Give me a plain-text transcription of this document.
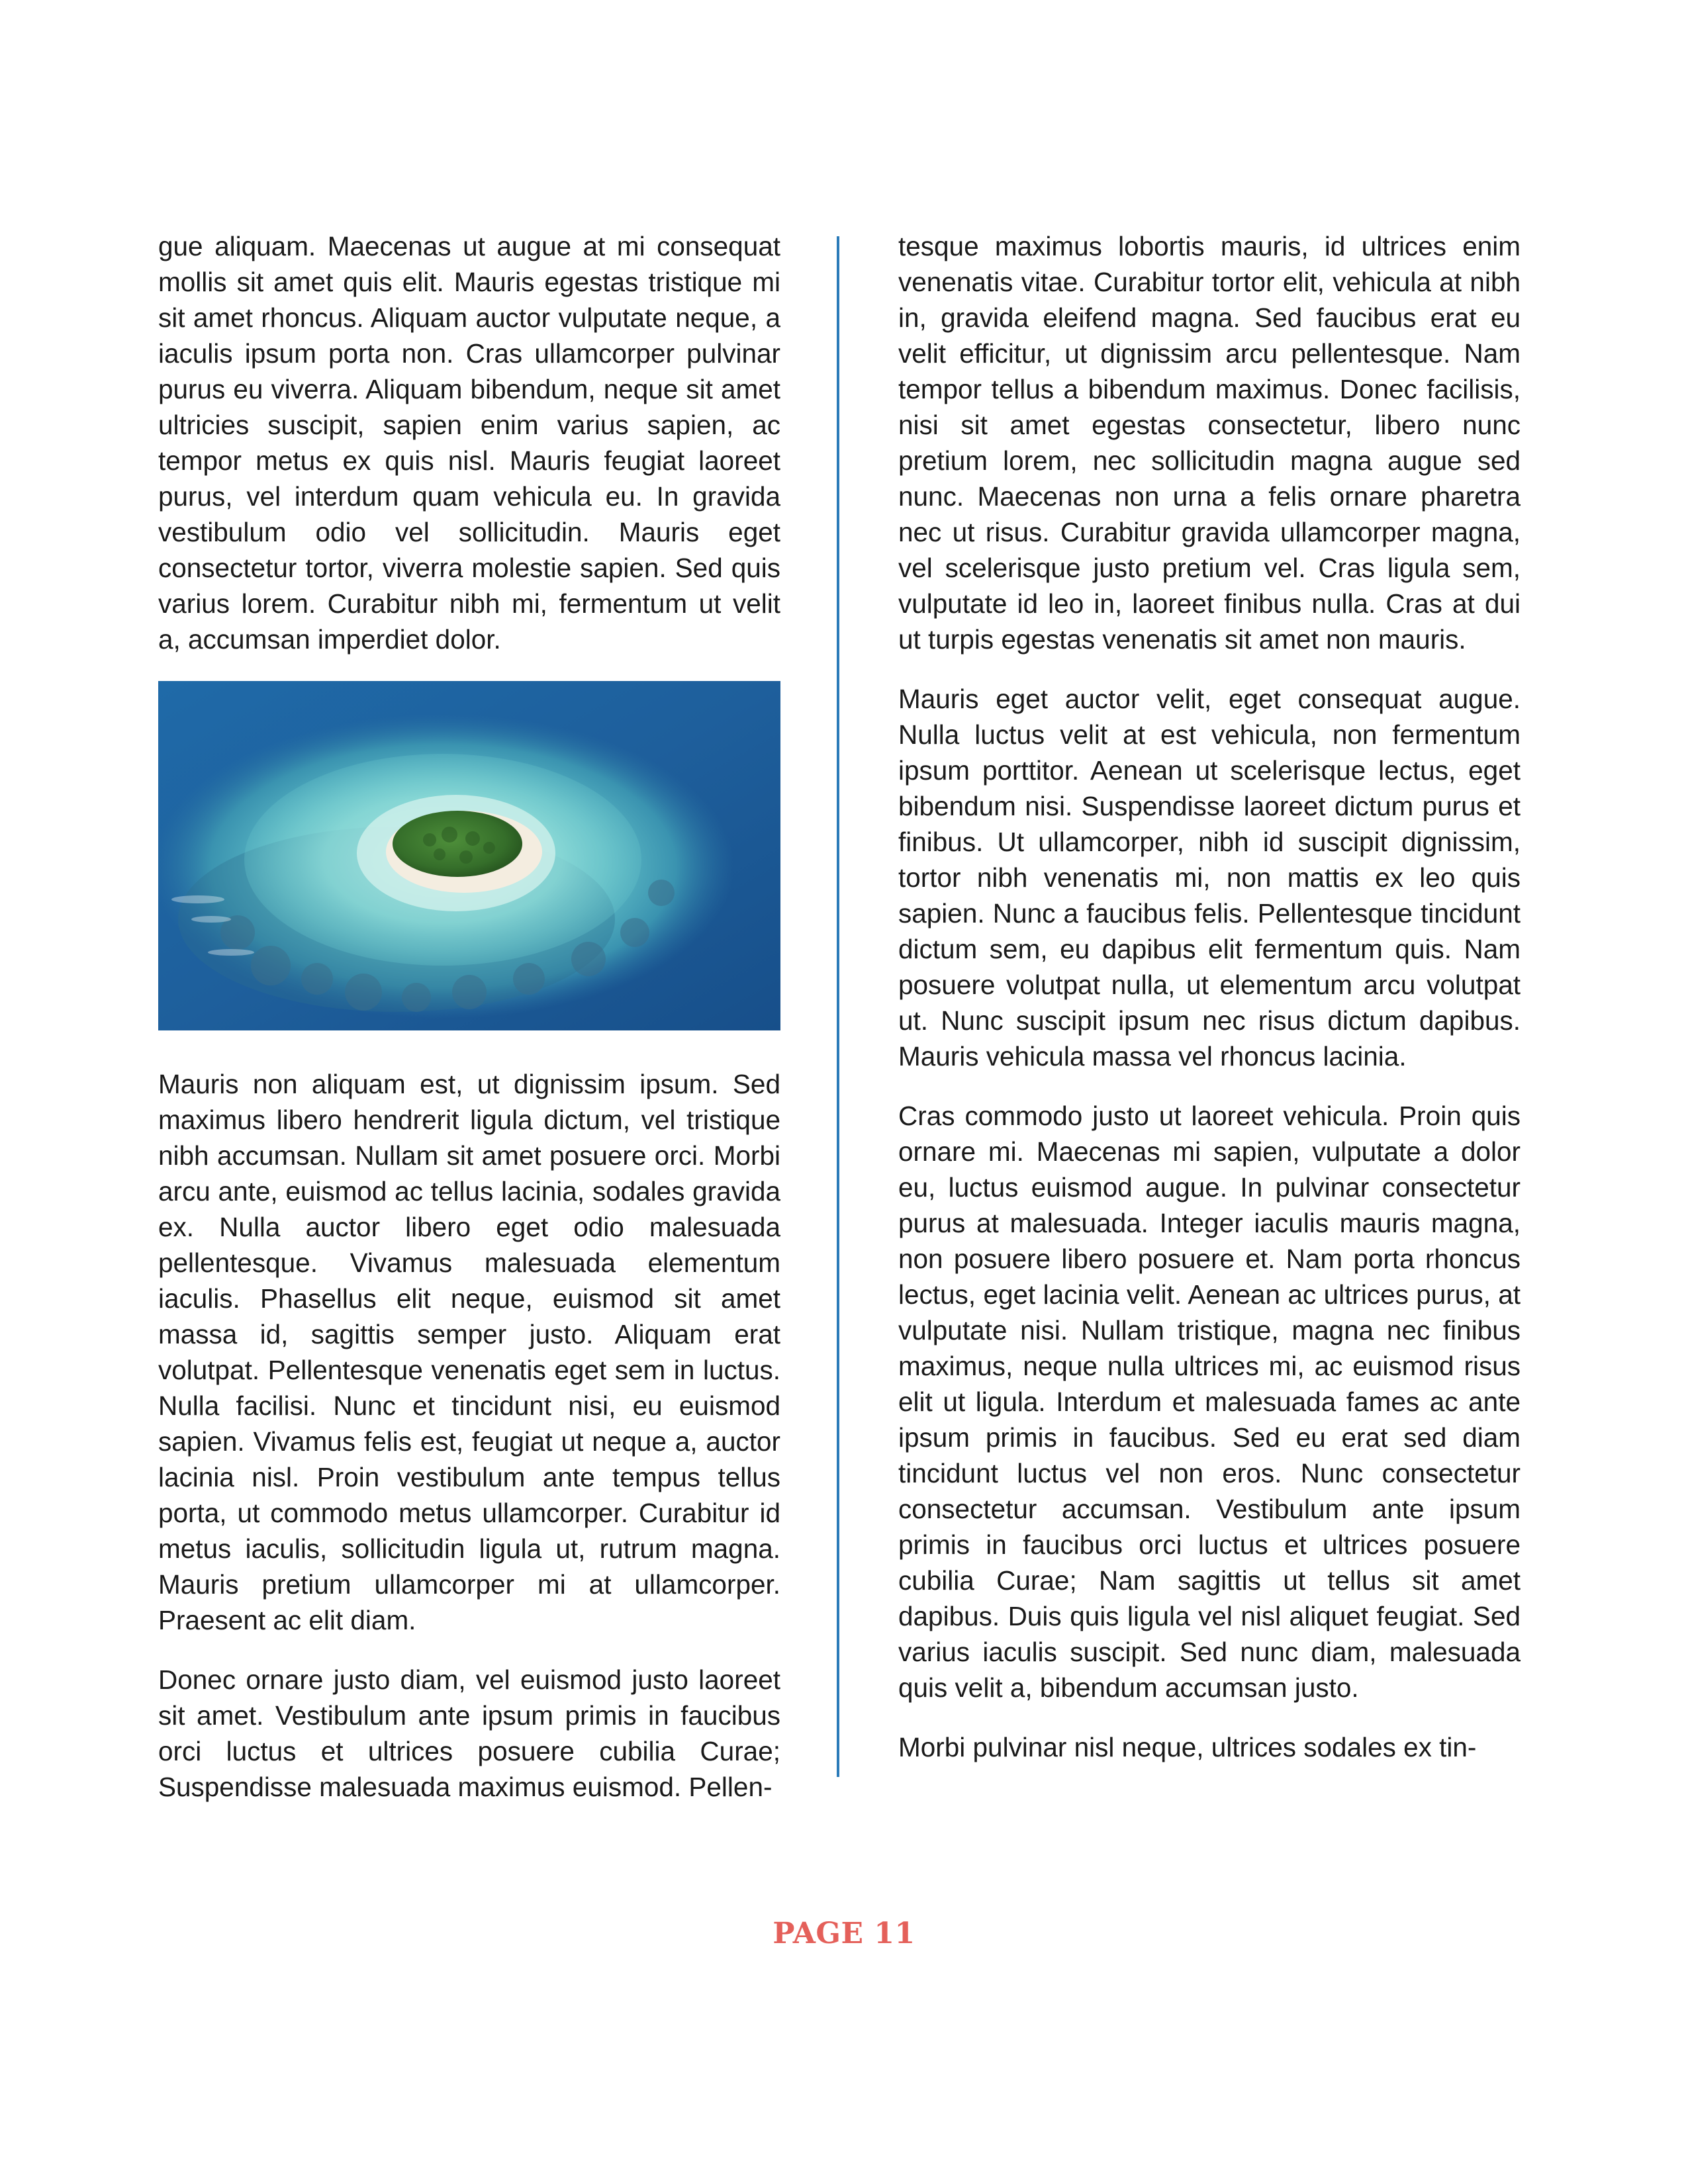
gue aliquam. Maecenas ut augue at mi consequat mollis sit amet quis elit. Mauris egestas tristique mi sit amet rhoncus. Aliquam auctor vulputate neque, a iaculis ipsum porta non. Cras ullamcorper pulvinar purus eu viverra. Aliquam bibendum, neque sit amet ultricies suscipit, sapien enim varius sapien, ac tempor metus ex quis nisl. Mauris feugiat laoreet purus, vel interdum quam vehicula eu. In gravida vestibulum odio vel sollicitudin. Mauris eget consectetur tortor, viverra molestie sapien. Sed quis varius lorem. Curabitur nibh mi, fermentum ut velit a, accumsan imperdiet dolor.

Mauris non aliquam est, ut dignissim ipsum. Sed maximus libero hendrerit ligula dictum, vel tristique nibh accumsan. Nullam sit amet posuere orci. Morbi arcu ante, euismod ac tellus lacinia, sodales gravida ex. Nulla auctor libero eget odio malesuada pellentesque. Vivamus malesuada elementum iaculis. Phasellus elit neque, euismod sit amet massa id, sagittis semper justo. Aliquam erat volutpat. Pellentesque venenatis eget sem in luctus. Nulla facilisi. Nunc et tincidunt nisi, eu euismod sapien. Vivamus felis est, feugiat ut neque a, auctor lacinia nisl. Proin vestibulum ante tempus tellus porta, ut commodo metus ullamcorper. Curabitur id metus iaculis, sollicitudin ligula ut, rutrum magna. Mauris pretium ullamcorper mi at ullamcorper. Praesent ac elit diam.

Donec ornare justo diam, vel euismod justo laoreet sit amet. Vestibulum ante ipsum primis in faucibus orci luctus et ultrices posuere cubilia Curae; Suspendisse malesuada maximus euismod. Pellen-

tesque maximus lobortis mauris, id ultrices enim venenatis vitae. Curabitur tortor elit, vehicula at nibh in, gravida eleifend magna. Sed faucibus erat eu velit efficitur, ut dignissim arcu pellentesque. Nam tempor tellus a bibendum maximus. Donec facilisis, nisi sit amet egestas consectetur, libero nunc pretium lorem, nec sollicitudin magna augue sed nunc. Maecenas non urna a felis ornare pharetra nec ut risus. Curabitur gravida ullamcorper magna, vel scelerisque justo pretium vel. Cras ligula sem, vulputate id leo in, laoreet finibus nulla. Cras at dui ut turpis egestas venenatis sit amet non mauris.

Mauris eget auctor velit, eget consequat augue. Nulla luctus velit at est vehicula, non fermentum ipsum porttitor. Aenean ut scelerisque lectus, eget bibendum nisi. Suspendisse laoreet dictum purus et finibus. Ut ullamcorper, nibh id suscipit dignissim, tortor nibh venenatis mi, non mattis ex leo quis sapien. Nunc a faucibus felis. Pellentesque tincidunt dictum sem, eu dapibus elit fermentum quis. Nam posuere volutpat nulla, ut elementum arcu volutpat ut. Nunc suscipit ipsum nec risus dictum dapibus. Mauris vehicula massa vel rhoncus lacinia.

Cras commodo justo ut laoreet vehicula. Proin quis ornare mi. Maecenas mi sapien, vulputate a dolor eu, luctus euismod augue. In pulvinar consectetur purus at malesuada. Integer iaculis mauris magna, non posuere libero posuere et. Nam porta rhoncus lectus, eget lacinia velit. Aenean ac ultrices purus, at vulputate nisi. Nullam tristique, magna nec finibus maximus, neque nulla ultrices mi, ac euismod risus elit ut ligula. Interdum et malesuada fames ac ante ipsum primis in faucibus. Sed eu erat sed diam tincidunt luctus vel non eros. Nunc consectetur consectetur accumsan. Vestibulum ante ipsum primis in faucibus orci luctus et ultrices posuere cubilia Curae; Nam sagittis ut tellus sit amet dapibus. Duis quis ligula vel nisl aliquet feugiat. Sed varius iaculis suscipit. Sed nunc diam, malesuada quis velit a, bibendum accumsan justo.

Morbi pulvinar nisl neque, ultrices sodales ex tin-

PAGE 11
